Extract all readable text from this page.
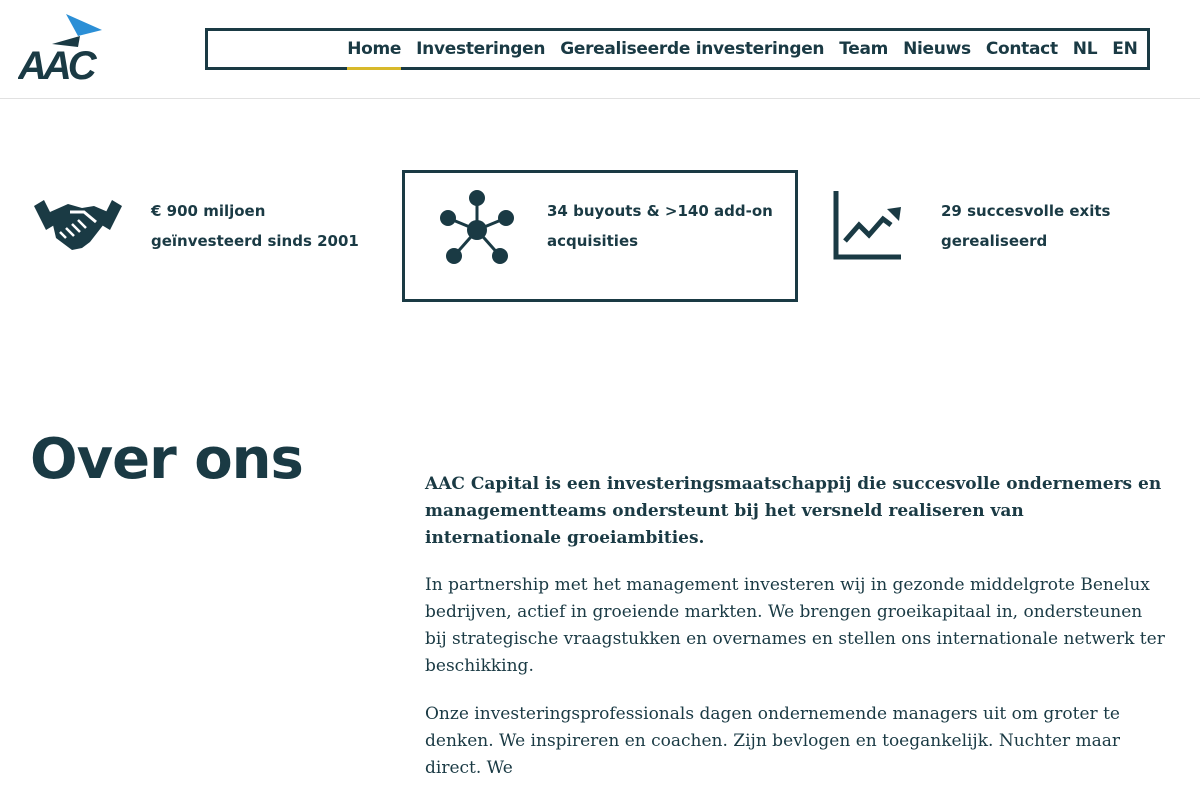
AAC	Home Investeringen Gerealiseerde investeringen Team Nieuws Contact NL EN
€ 900 miljoen geïnvesteerd sinds 2001
34 buyouts & >140 add-on acquisities
29 succesvolle exits gerealiseerd
Over ons	AAC Capital is een investeringsmaatschappij die succesvolle ondernemers en managementteams ondersteunt bij het versneld realiseren van internationale groeiambities.

In partnership met het management investeren wij in gezonde middelgrote Benelux bedrijven, actief in groeiende markten. We brengen groeikapitaal in, ondersteunen bij strategische vraagstukken en overnames en stellen ons internationale netwerk ter beschikking.

Onze investeringsprofessionals dagen ondernemende managers uit om groter te denken. We inspireren en coachen. Zijn bevlogen en toegankelijk. Nuchter maar direct. We
